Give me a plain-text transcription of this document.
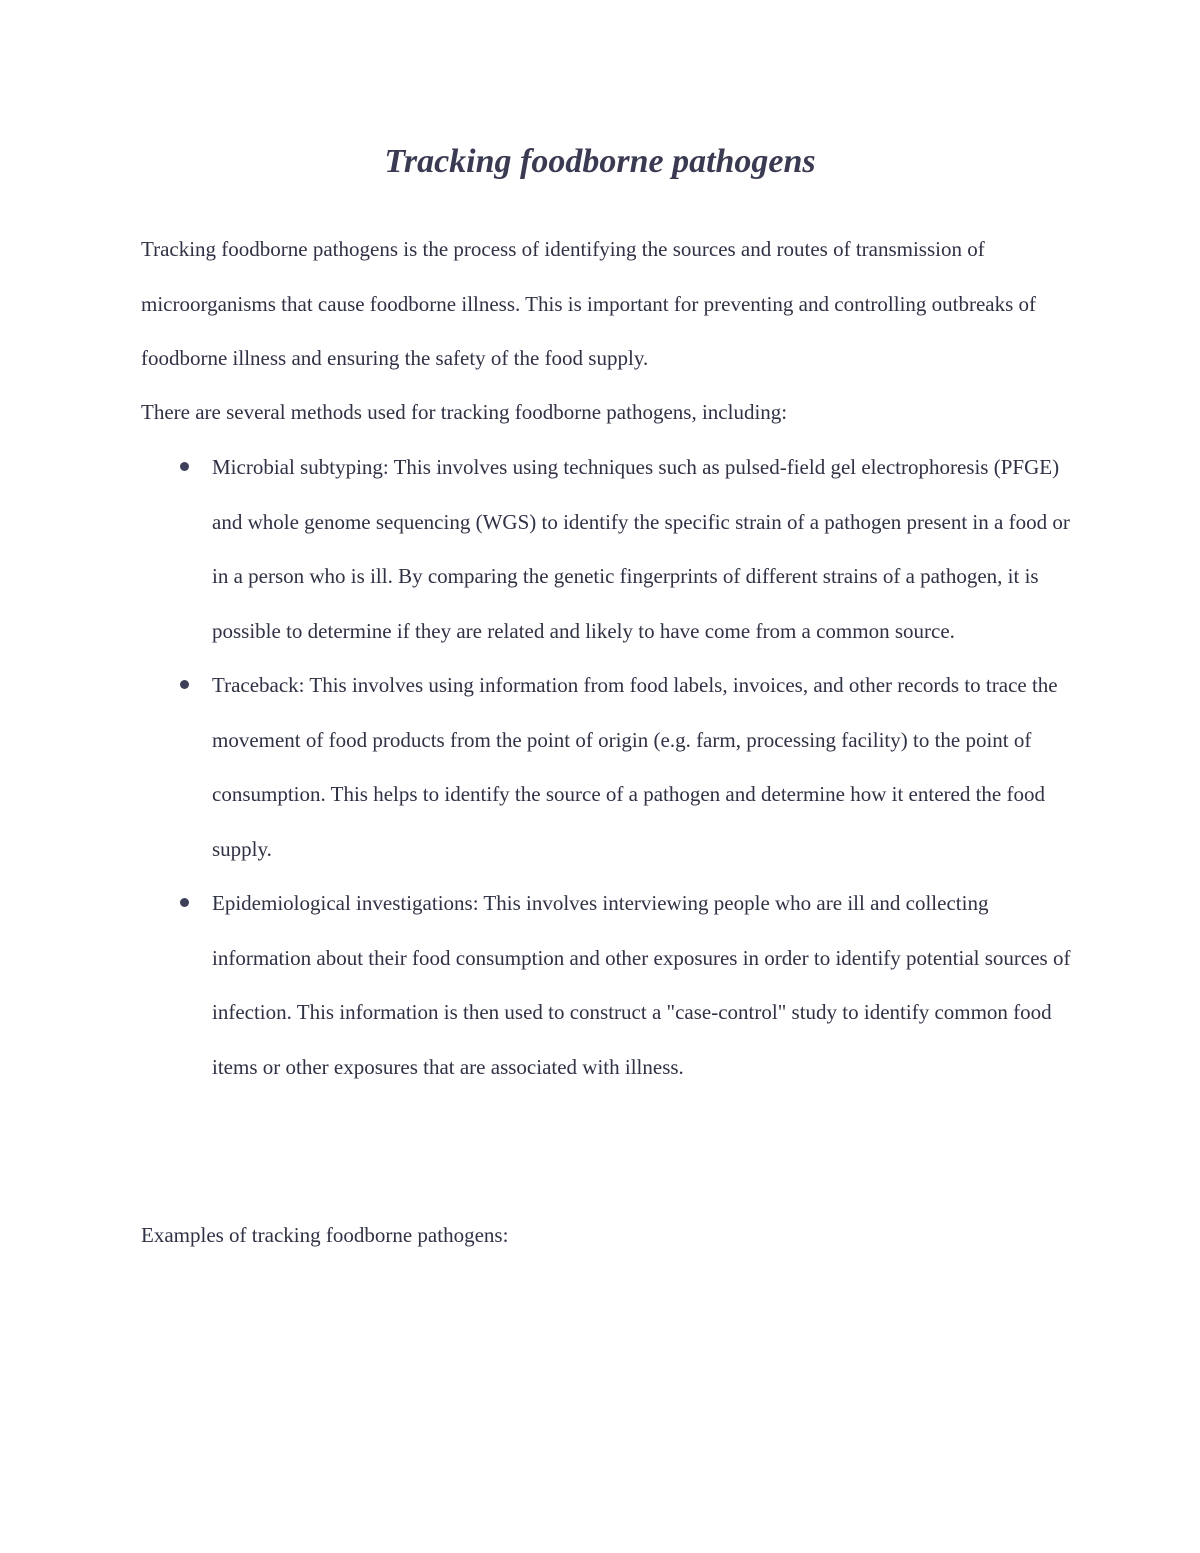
Tracking foodborne pathogens

Tracking foodborne pathogens is the process of identifying the sources and routes of transmission of microorganisms that cause foodborne illness. This is important for preventing and controlling outbreaks of foodborne illness and ensuring the safety of the food supply.

There are several methods used for tracking foodborne pathogens, including:

Microbial subtyping: This involves using techniques such as pulsed-field gel electrophoresis (PFGE) and whole genome sequencing (WGS) to identify the specific strain of a pathogen present in a food or in a person who is ill. By comparing the genetic fingerprints of different strains of a pathogen, it is possible to determine if they are related and likely to have come from a common source.
Traceback: This involves using information from food labels, invoices, and other records to trace the movement of food products from the point of origin (e.g. farm, processing facility) to the point of consumption. This helps to identify the source of a pathogen and determine how it entered the food supply.
Epidemiological investigations: This involves interviewing people who are ill and collecting information about their food consumption and other exposures in order to identify potential sources of infection. This information is then used to construct a "case-control" study to identify common food items or other exposures that are associated with illness.

Examples of tracking foodborne pathogens:
